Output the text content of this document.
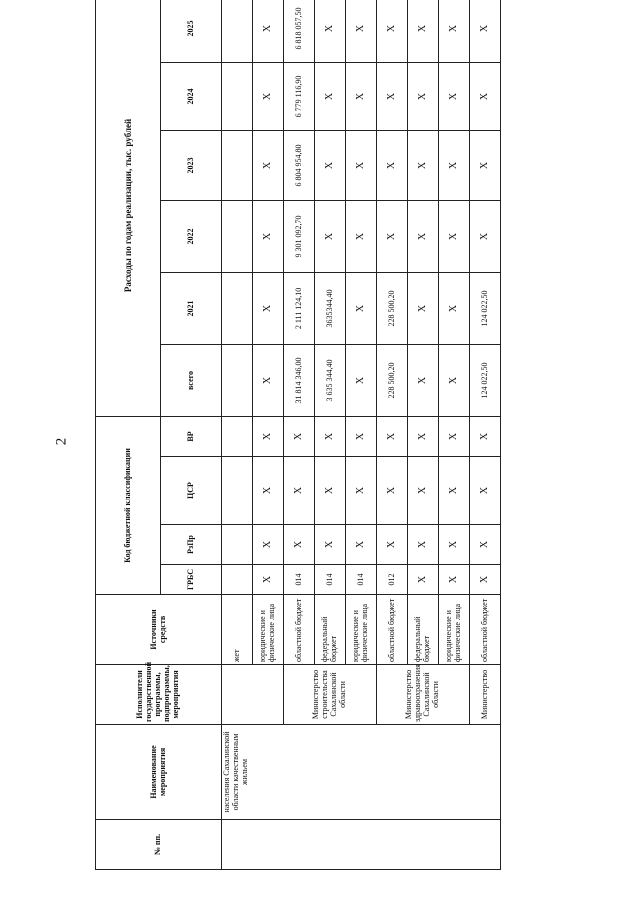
2
№ пп.	Наименование мероприятия	Исполнители государственной программы, подпрограммы, мероприятия	Источники средств	Код бюджетной классификации				Расходы по годам реализации, тыс. рублей					
				ГРБС	РзПр	ЦСР	ВР	всего	2021	2022	2023	2024	2025
	населения Сахалинской области качественным жильем		жет										
			юридические и физические лица	X	X	X	X	X	X	X	X	X	X
		Министерство строительства Сахалинской области	областной бюджет	014	X	X	X	31 814 346,00	2 111 124,10	9 301 092,70	6 804 954,80	6 779 116,90	6 818 057,50
			федеральный бюджет	014	X	X	X	3 635 344,40	3635344,40	X	X	X	X
			юридические и физические лица	014	X	X	X	X	X	X	X	X	X
		Министерство здравоохранения Сахалинской области	областной бюджет	012	X	X	X	228 500,20	228 500,20	X	X	X	X
			федеральный бюджет	X	X	X	X	X	X	X	X	X	X
			юридические и физические лица	X	X	X	X	X	X	X	X	X	X
		Министерство	областной бюджет	X	X	X	X	124 022,50	124 022,50	X	X	X	X
